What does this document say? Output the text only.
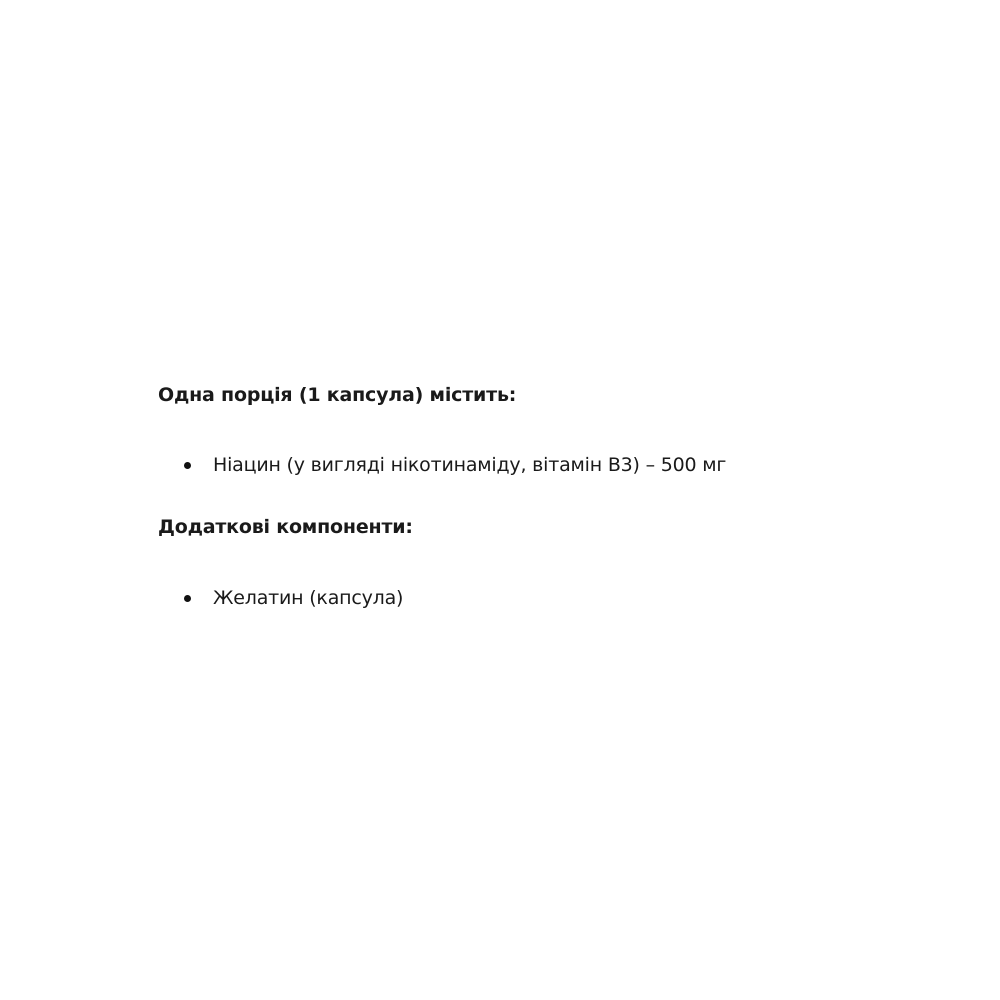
Одна порція (1 капсула) містить:
Ніацин (у вигляді нікотинаміду, вітамін B3) – 500 мг
Додаткові компоненти:
Желатин (капсула)
